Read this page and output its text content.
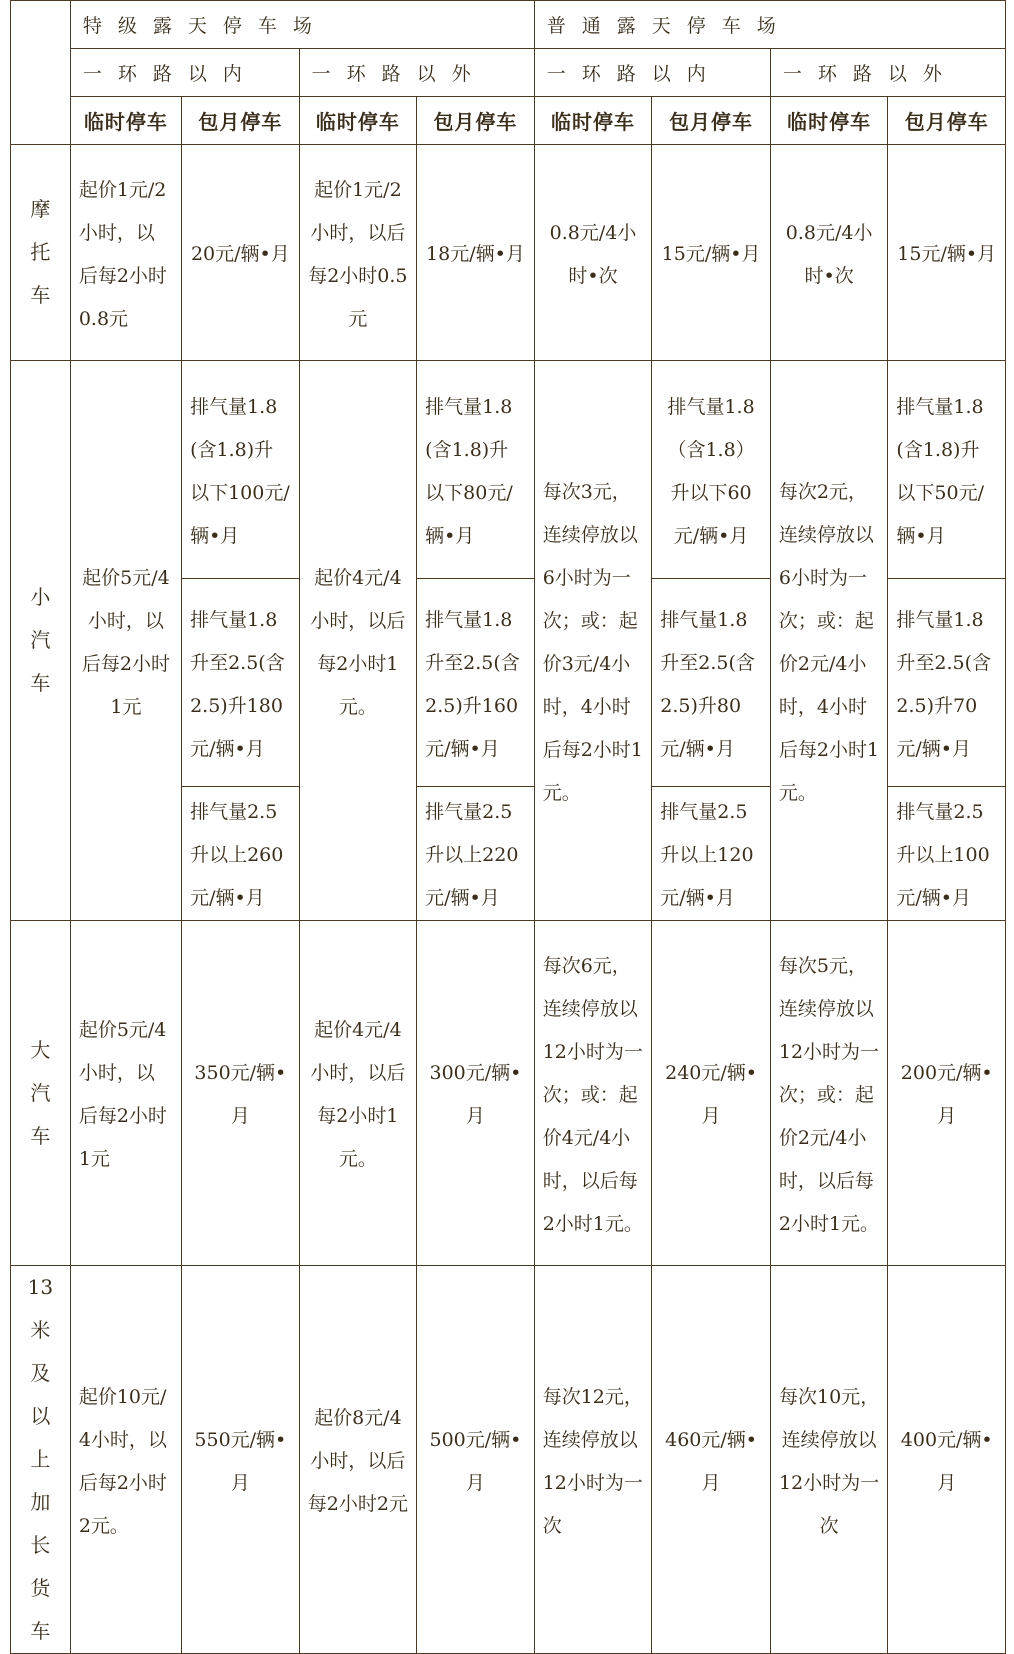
	特级露天停车场				普通露天停车场			
	一环路以内		一环路以外		一环路以内		一环路以外	
	临时停车	包月停车	临时停车	包月停车	临时停车	包月停车	临时停车	包月停车
摩托车	起价1元/2小时，以后每2小时0.8元	20元/辆•月	起价1元/2小时，以后每2小时0.5元	18元/辆•月	0.8元/4小时•次	15元/辆•月	0.8元/4小时•次	15元/辆•月
小汽车	起价5元/4小时，以后每2小时1元	排气量1.8(含1.8)升以下100元/辆•月	起价4元/4小时，以后每2小时1元。	排气量1.8(含1.8)升以下80元/辆•月	每次3元，连续停放以6小时为一次；或：起价3元/4小时，4小时后每2小时1元。	排气量1.8（含1.8）升以下60元/辆•月	每次2元，连续停放以6小时为一次；或：起价2元/4小时，4小时后每2小时1元。	排气量1.8(含1.8)升以下50元/辆•月
		排气量1.8升至2.5(含2.5)升180元/辆•月		排气量1.8升至2.5(含2.5)升160元/辆•月		排气量1.8升至2.5(含2.5)升80元/辆•月		排气量1.8升至2.5(含2.5)升70元/辆•月
		排气量2.5升以上260元/辆•月		排气量2.5升以上220元/辆•月		排气量2.5升以上120元/辆•月		排气量2.5升以上100元/辆•月
大汽车	起价5元/4小时，以后每2小时1元	350元/辆•月	起价4元/4小时，以后每2小时1元。	300元/辆•月	每次6元，连续停放以12小时为一次；或：起价4元/4小时，以后每2小时1元。	240元/辆•月	每次5元，连续停放以12小时为一次；或：起价2元/4小时，以后每2小时1元。	200元/辆•月
13米及以上加长货车	起价10元/4小时，以后每2小时2元。	550元/辆•月	起价8元/4小时，以后每2小时2元	500元/辆•月	每次12元，连续停放以12小时为一次	460元/辆•月	每次10元，连续停放以12小时为一次	400元/辆•月
